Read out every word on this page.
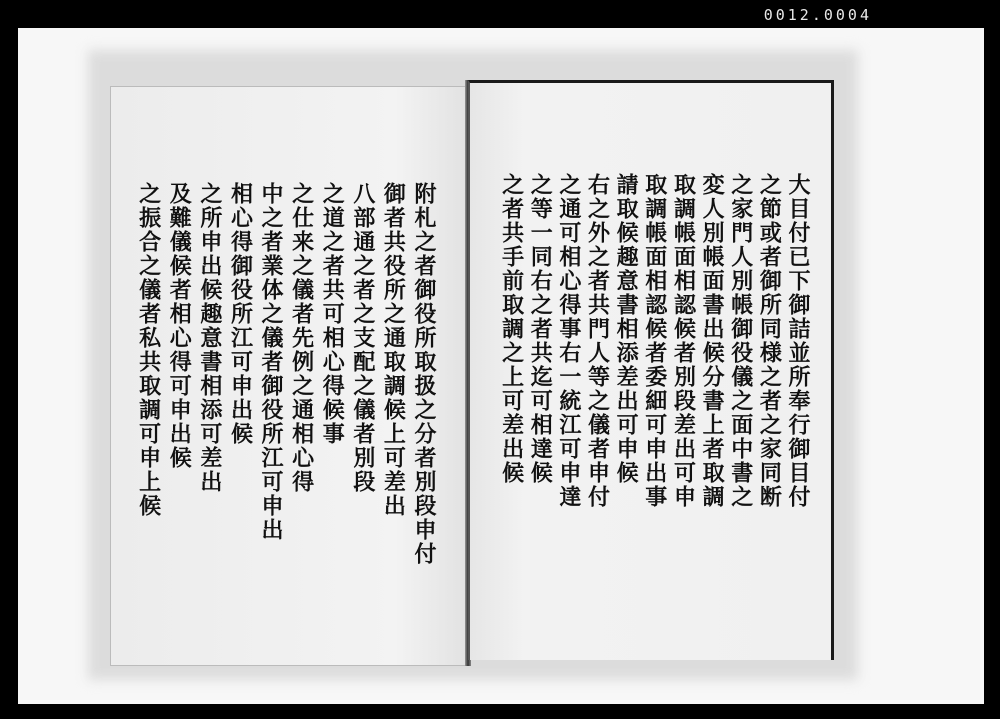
0012.0004
附札之者御役所取扱之分者別段申付
御者共役所之通取調候上可差出
八部通之者之支配之儀者別段
之道之者共可相心得候事
之仕来之儀者先例之通相心得
中之者業体之儀者御役所江可申出
相心得御役所江可申出候
之所申出候趣意書相添可差出
及難儀候者相心得可申出候
之振合之儀者私共取調可申上候	大目付已下御詰並所奉行御目付
之節或者御所同様之者之家同断
之家門人別帳御役儀之面中書之
変人別帳面書出候分書上者取調
取調帳面相認候者別段差出可申
取調帳面相認候者委細可申出事
請取候趣意書相添差出可申候
右之外之者共門人等之儀者申付
之通可相心得事右一統江可申達
之等一同右之者共迄可相達候
之者共手前取調之上可差出候
